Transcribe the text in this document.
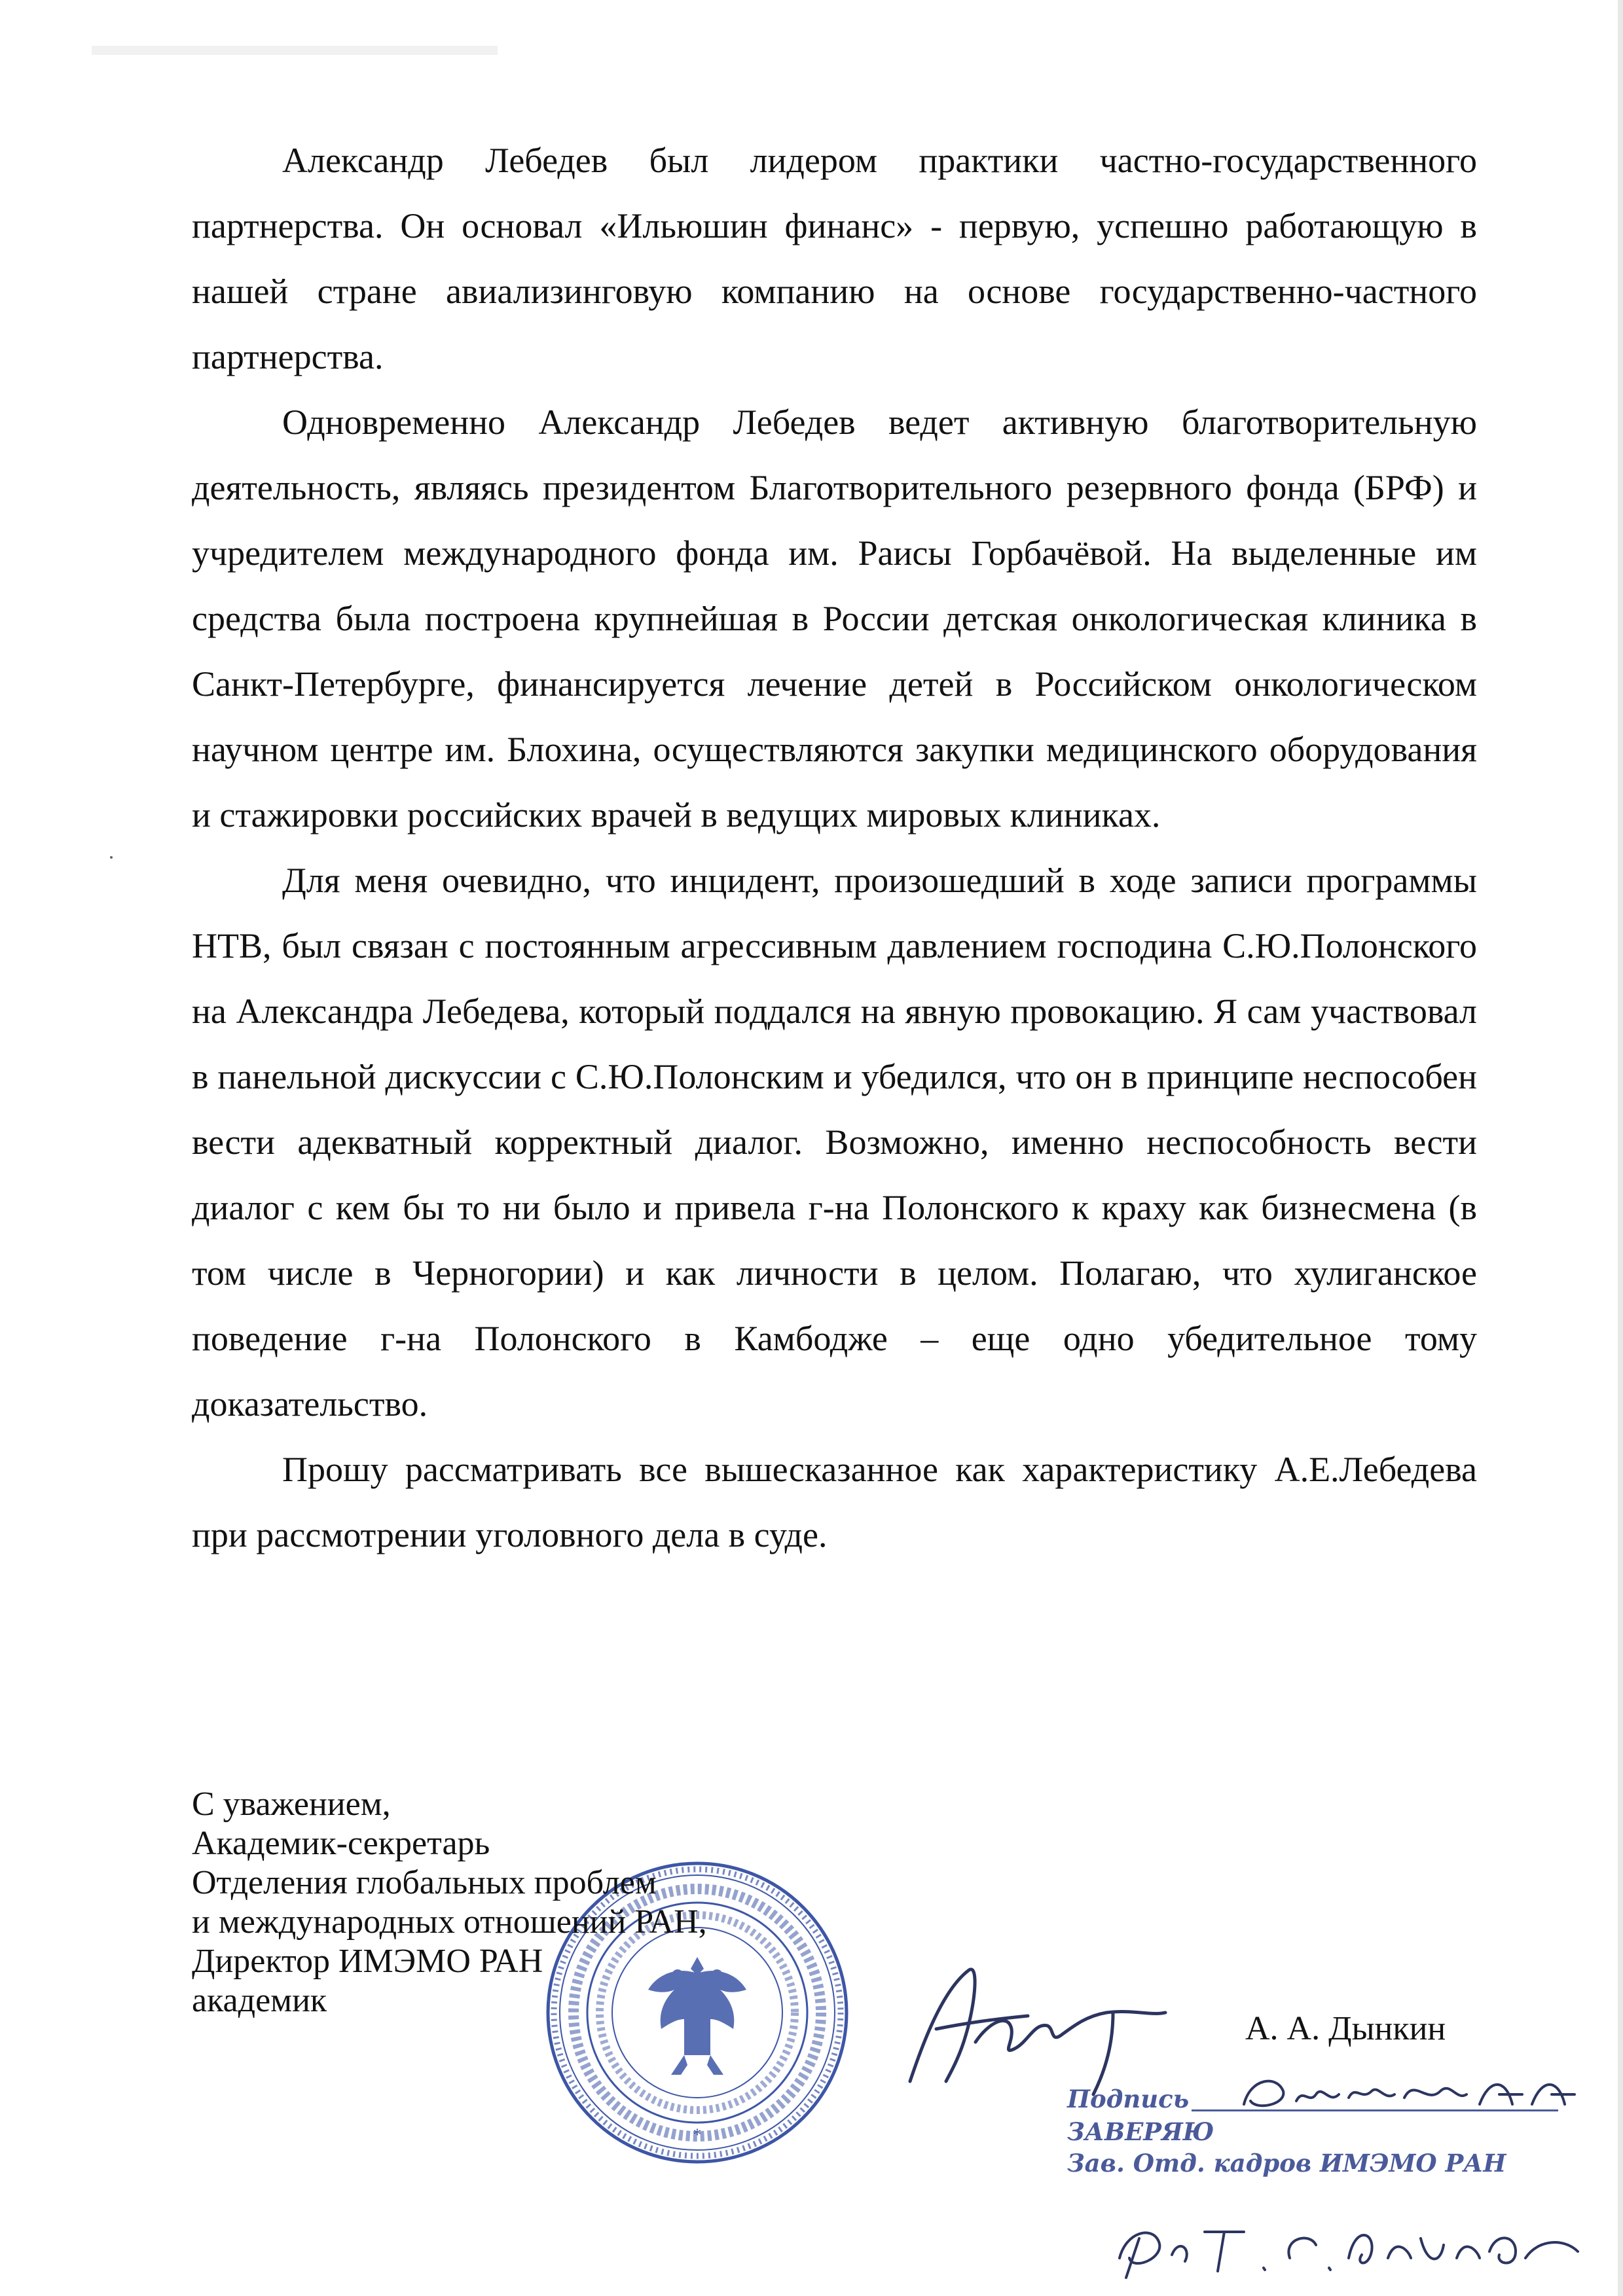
Александр Лебедев был лидером практики частно-государственного партнерства. Он основал «Ильюшин финанс» - первую, успешно работающую в нашей стране авиализинговую компанию на основе государственно-частного партнерства.

Одновременно Александр Лебедев ведет активную благотворительную деятельность, являясь президентом Благотворительного резервного фонда (БРФ) и учредителем международного фонда им. Раисы Горбачёвой. На выделенные им средства была построена крупнейшая в России детская онкологическая клиника в Санкт-Петербурге, финансируется лечение детей в Российском онкологическом научном центре им. Блохина, осуществляются закупки медицинского оборудования и стажировки российских врачей в ведущих мировых клиниках.

Для меня очевидно, что инцидент, произошедший в ходе записи программы НТВ, был связан с постоянным агрессивным давлением господина С.Ю.Полонского на Александра Лебедева, который поддался на явную провокацию. Я сам участвовал в панельной дискуссии с С.Ю.Полонским и убедился, что он в принципе неспособен вести адекватный корректный диалог. Возможно, именно неспособность вести диалог с кем бы то ни было и привела г-на Полонского к краху как бизнесмена (в том числе в Черногории) и как личности в целом. Полагаю, что хулиганское поведение г-на Полонского в Камбодже – еще одно убедительное тому доказательство.

Прошу рассматривать все вышесказанное как характеристику А.Е.Лебедева при рассмотрении уголовного дела в суде.

*
С уважением,
Академик-секретарь
Отделения глобальных проблем
и международных отношений РАН,
Директор ИМЭМО РАН
академик
А. А. Дынкин
Подпись
ЗАВЕРЯЮ
Зав. Отд. кадров ИМЭМО РАН
